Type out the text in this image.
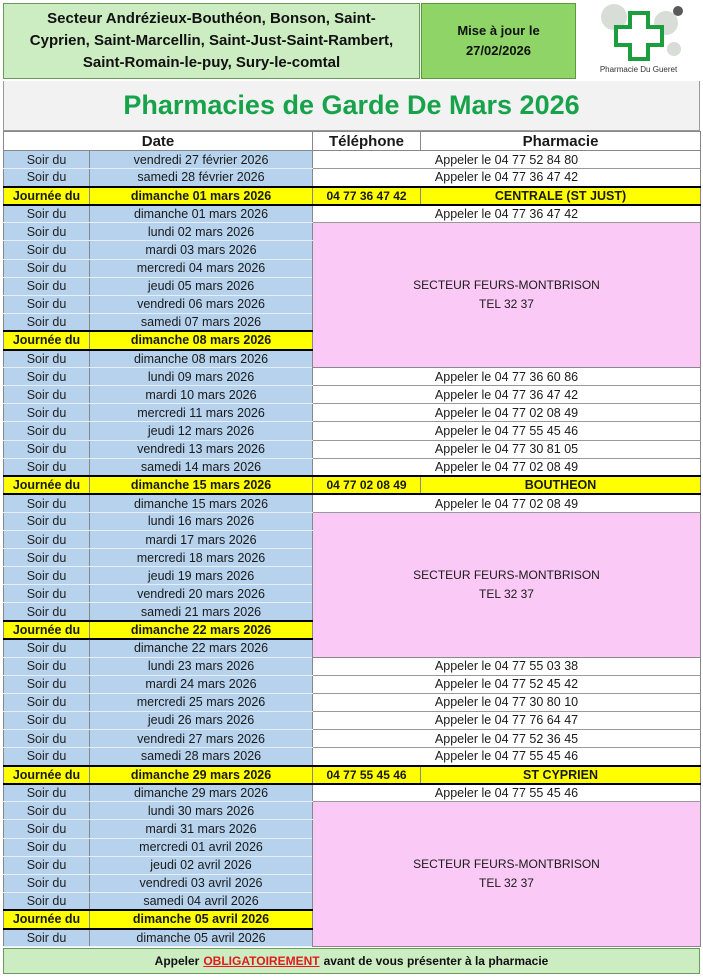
Secteur Andrézieux-Bouthéon, Bonson, Saint-
Cyprien, Saint-Marcellin, Saint-Just-Saint-Rambert,
Saint-Romain-le-puy, Sury-le-comtal
Mise à jour le
27/02/2026
Pharmacie Du Gueret
Pharmacies de Garde De Mars 2026
Date		Téléphone	Pharmacie
Soir du	vendredi 27 février 2026	Appeler le 04 77 52 84 80	
Soir du	samedi 28 février 2026	Appeler le 04 77 36 47 42	
Journée du	dimanche 01 mars 2026	04 77 36 47 42	CENTRALE (ST JUST)
Soir du	dimanche 01 mars 2026	Appeler le 04 77 36 47 42	
Soir du	lundi 02 mars 2026	SECTEUR FEURS-MONTBRISON
TEL 32 37	

Soir du	mardi 03 mars 2026		
Soir du	mercredi 04 mars 2026		
Soir du	jeudi 05 mars 2026		
Soir du	vendredi 06 mars 2026		
Soir du	samedi 07 mars 2026		
Journée du	dimanche 08 mars 2026		
Soir du	dimanche 08 mars 2026		
Soir du	lundi 09 mars 2026	Appeler le 04 77 36 60 86	
Soir du	mardi 10 mars 2026	Appeler le 04 77 36 47 42	
Soir du	mercredi 11 mars 2026	Appeler le 04 77 02 08 49	
Soir du	jeudi 12 mars 2026	Appeler le 04 77 55 45 46	
Soir du	vendredi 13 mars 2026	Appeler le 04 77 30 81 05	
Soir du	samedi 14 mars 2026	Appeler le 04 77 02 08 49	
Journée du	dimanche 15 mars 2026	04 77 02 08 49	BOUTHEON
Soir du	dimanche 15 mars 2026	Appeler le 04 77 02 08 49	
Soir du	lundi 16 mars 2026	SECTEUR FEURS-MONTBRISON
TEL 32 37	

Soir du	mardi 17 mars 2026		
Soir du	mercredi 18 mars 2026		
Soir du	jeudi 19 mars 2026		
Soir du	vendredi 20 mars 2026		
Soir du	samedi 21 mars 2026		
Journée du	dimanche 22 mars 2026		
Soir du	dimanche 22 mars 2026		
Soir du	lundi 23 mars 2026	Appeler le 04 77 55 03 38	
Soir du	mardi 24 mars 2026	Appeler le 04 77 52 45 42	
Soir du	mercredi 25 mars 2026	Appeler le 04 77 30 80 10	
Soir du	jeudi 26 mars 2026	Appeler le 04 77 76 64 47	
Soir du	vendredi 27 mars 2026	Appeler le 04 77 52 36 45	
Soir du	samedi 28 mars 2026	Appeler le 04 77 55 45 46	
Journée du	dimanche 29 mars 2026	04 77 55 45 46	ST CYPRIEN
Soir du	dimanche 29 mars 2026	Appeler le 04 77 55 45 46	
Soir du	lundi 30 mars 2026	SECTEUR FEURS-MONTBRISON
TEL 32 37	

Soir du	mardi 31 mars 2026		
Soir du	mercredi 01 avril 2026		
Soir du	jeudi 02 avril 2026		
Soir du	vendredi 03 avril 2026		
Soir du	samedi 04 avril 2026		
Journée du	dimanche 05 avril 2026		
Soir du	dimanche 05 avril 2026		
Appeler OBLIGATOIREMENT avant de vous présenter à la pharmacie
